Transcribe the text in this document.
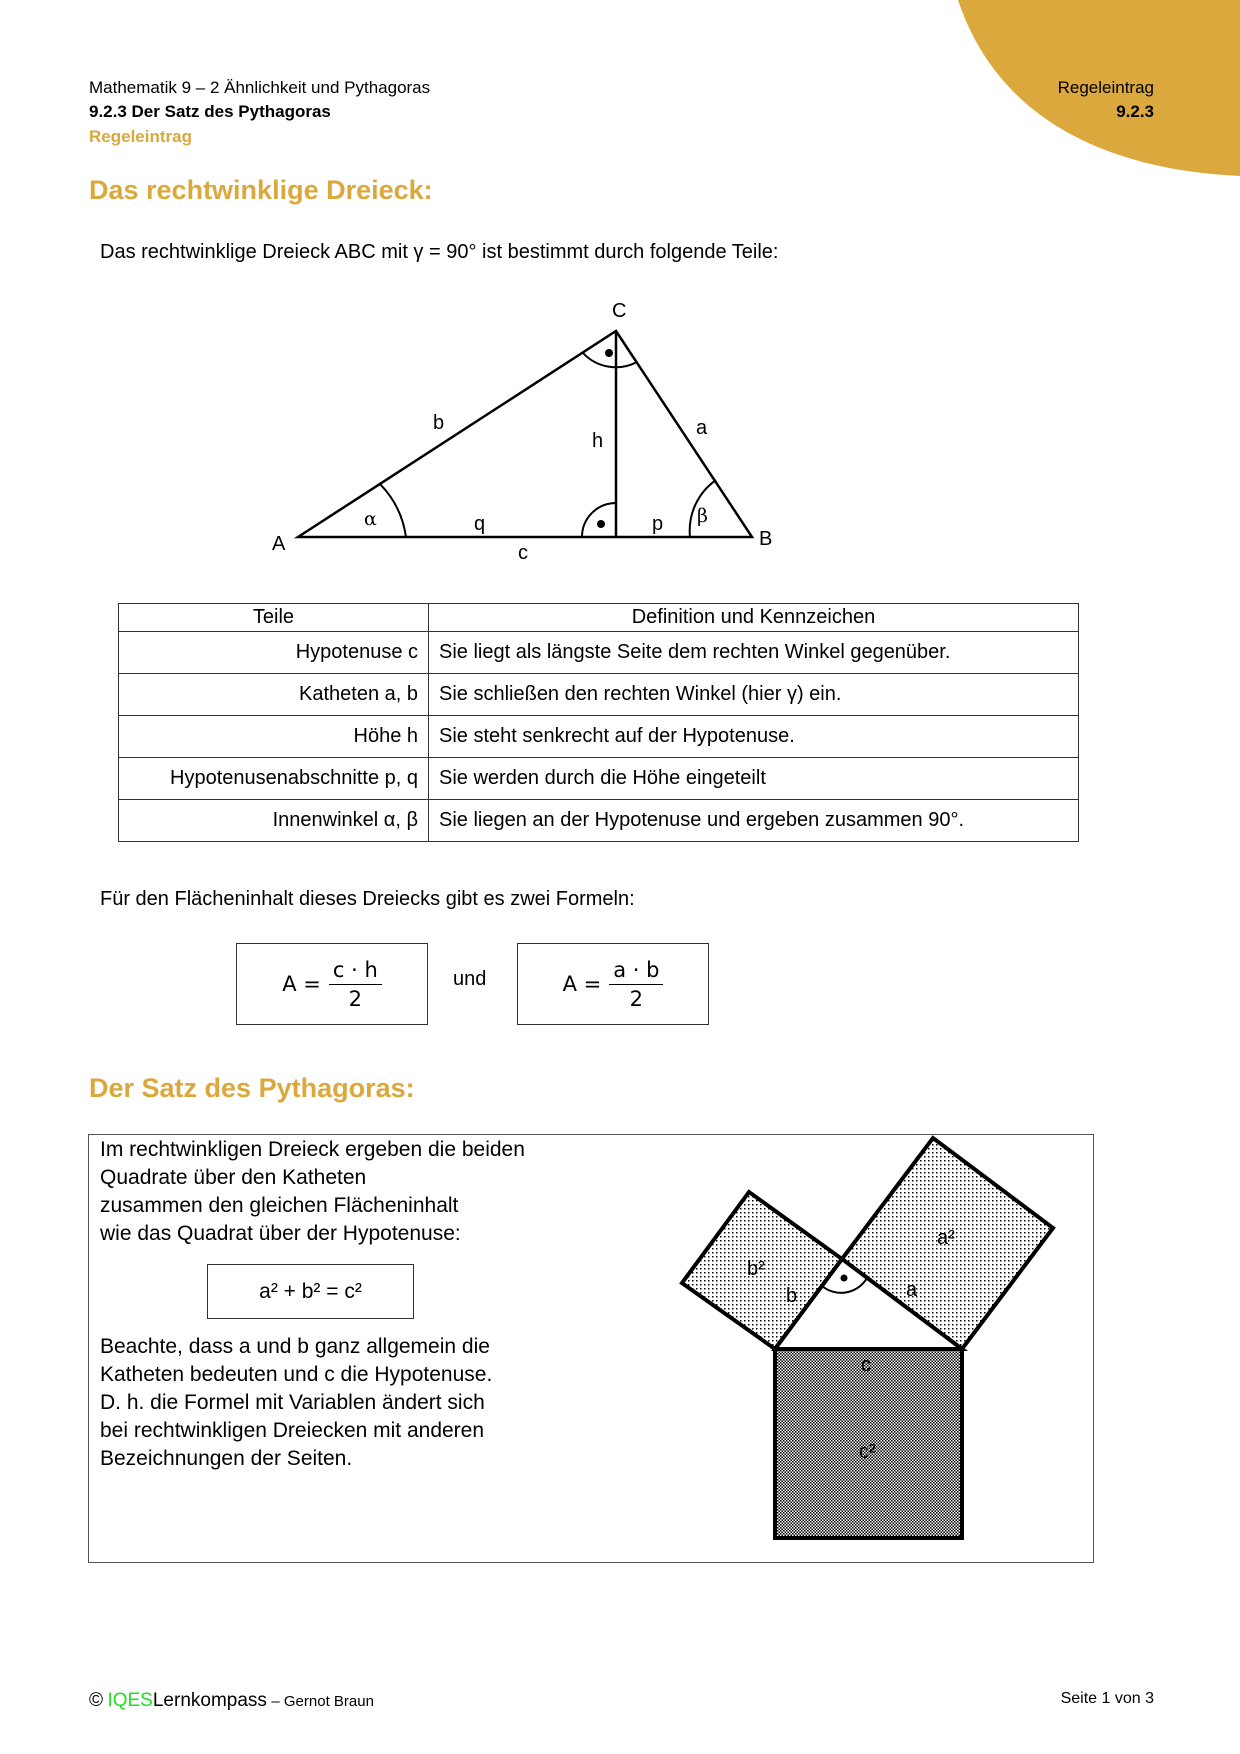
Mathematik 9 – 2 Ähnlichkeit und Pythagoras
9.2.3 Der Satz des Pythagoras
Regeleintrag
Regeleintrag
9.2.3
Das rechtwinklige Dreieck:
Das rechtwinklige Dreieck ABC mit γ = 90° ist bestimmt durch folgende Teile:
C
A	B
b	a
h
q	p
c
α	β
Teile	Definition und Kennzeichen
Hypotenuse c	Sie liegt als längste Seite dem rechten Winkel gegenüber.
Katheten a, b	Sie schließen den rechten Winkel (hier γ) ein.
Höhe h	Sie steht senkrecht auf der Hypotenuse.
Hypotenusenabschnitte p, q	Sie werden durch die Höhe eingeteilt
Innenwinkel α, β	Sie liegen an der Hypotenuse und ergeben zusammen 90°.
Für den Flächeninhalt dieses Dreiecks gibt es zwei Formeln:
$A = \frac{c \cdot h}{2}$	und	$A = \frac{a \cdot b}{2}$
Der Satz des Pythagoras:
Im rechtwinkligen Dreieck ergeben die beiden
Quadrate über den Katheten
zusammen den gleichen Flächeninhalt
wie das Quadrat über der Hypotenuse:
a² + b² = c²
Beachte, dass a und b ganz allgemein die
Katheten bedeuten und c die Hypotenuse.
D. h. die Formel mit Variablen ändert sich
bei rechtwinkligen Dreiecken mit anderen
Bezeichnungen der Seiten.
b²
b
a²
a
c
c²
© IQESLernkompass – Gernot Braun	Seite 1 von 3
